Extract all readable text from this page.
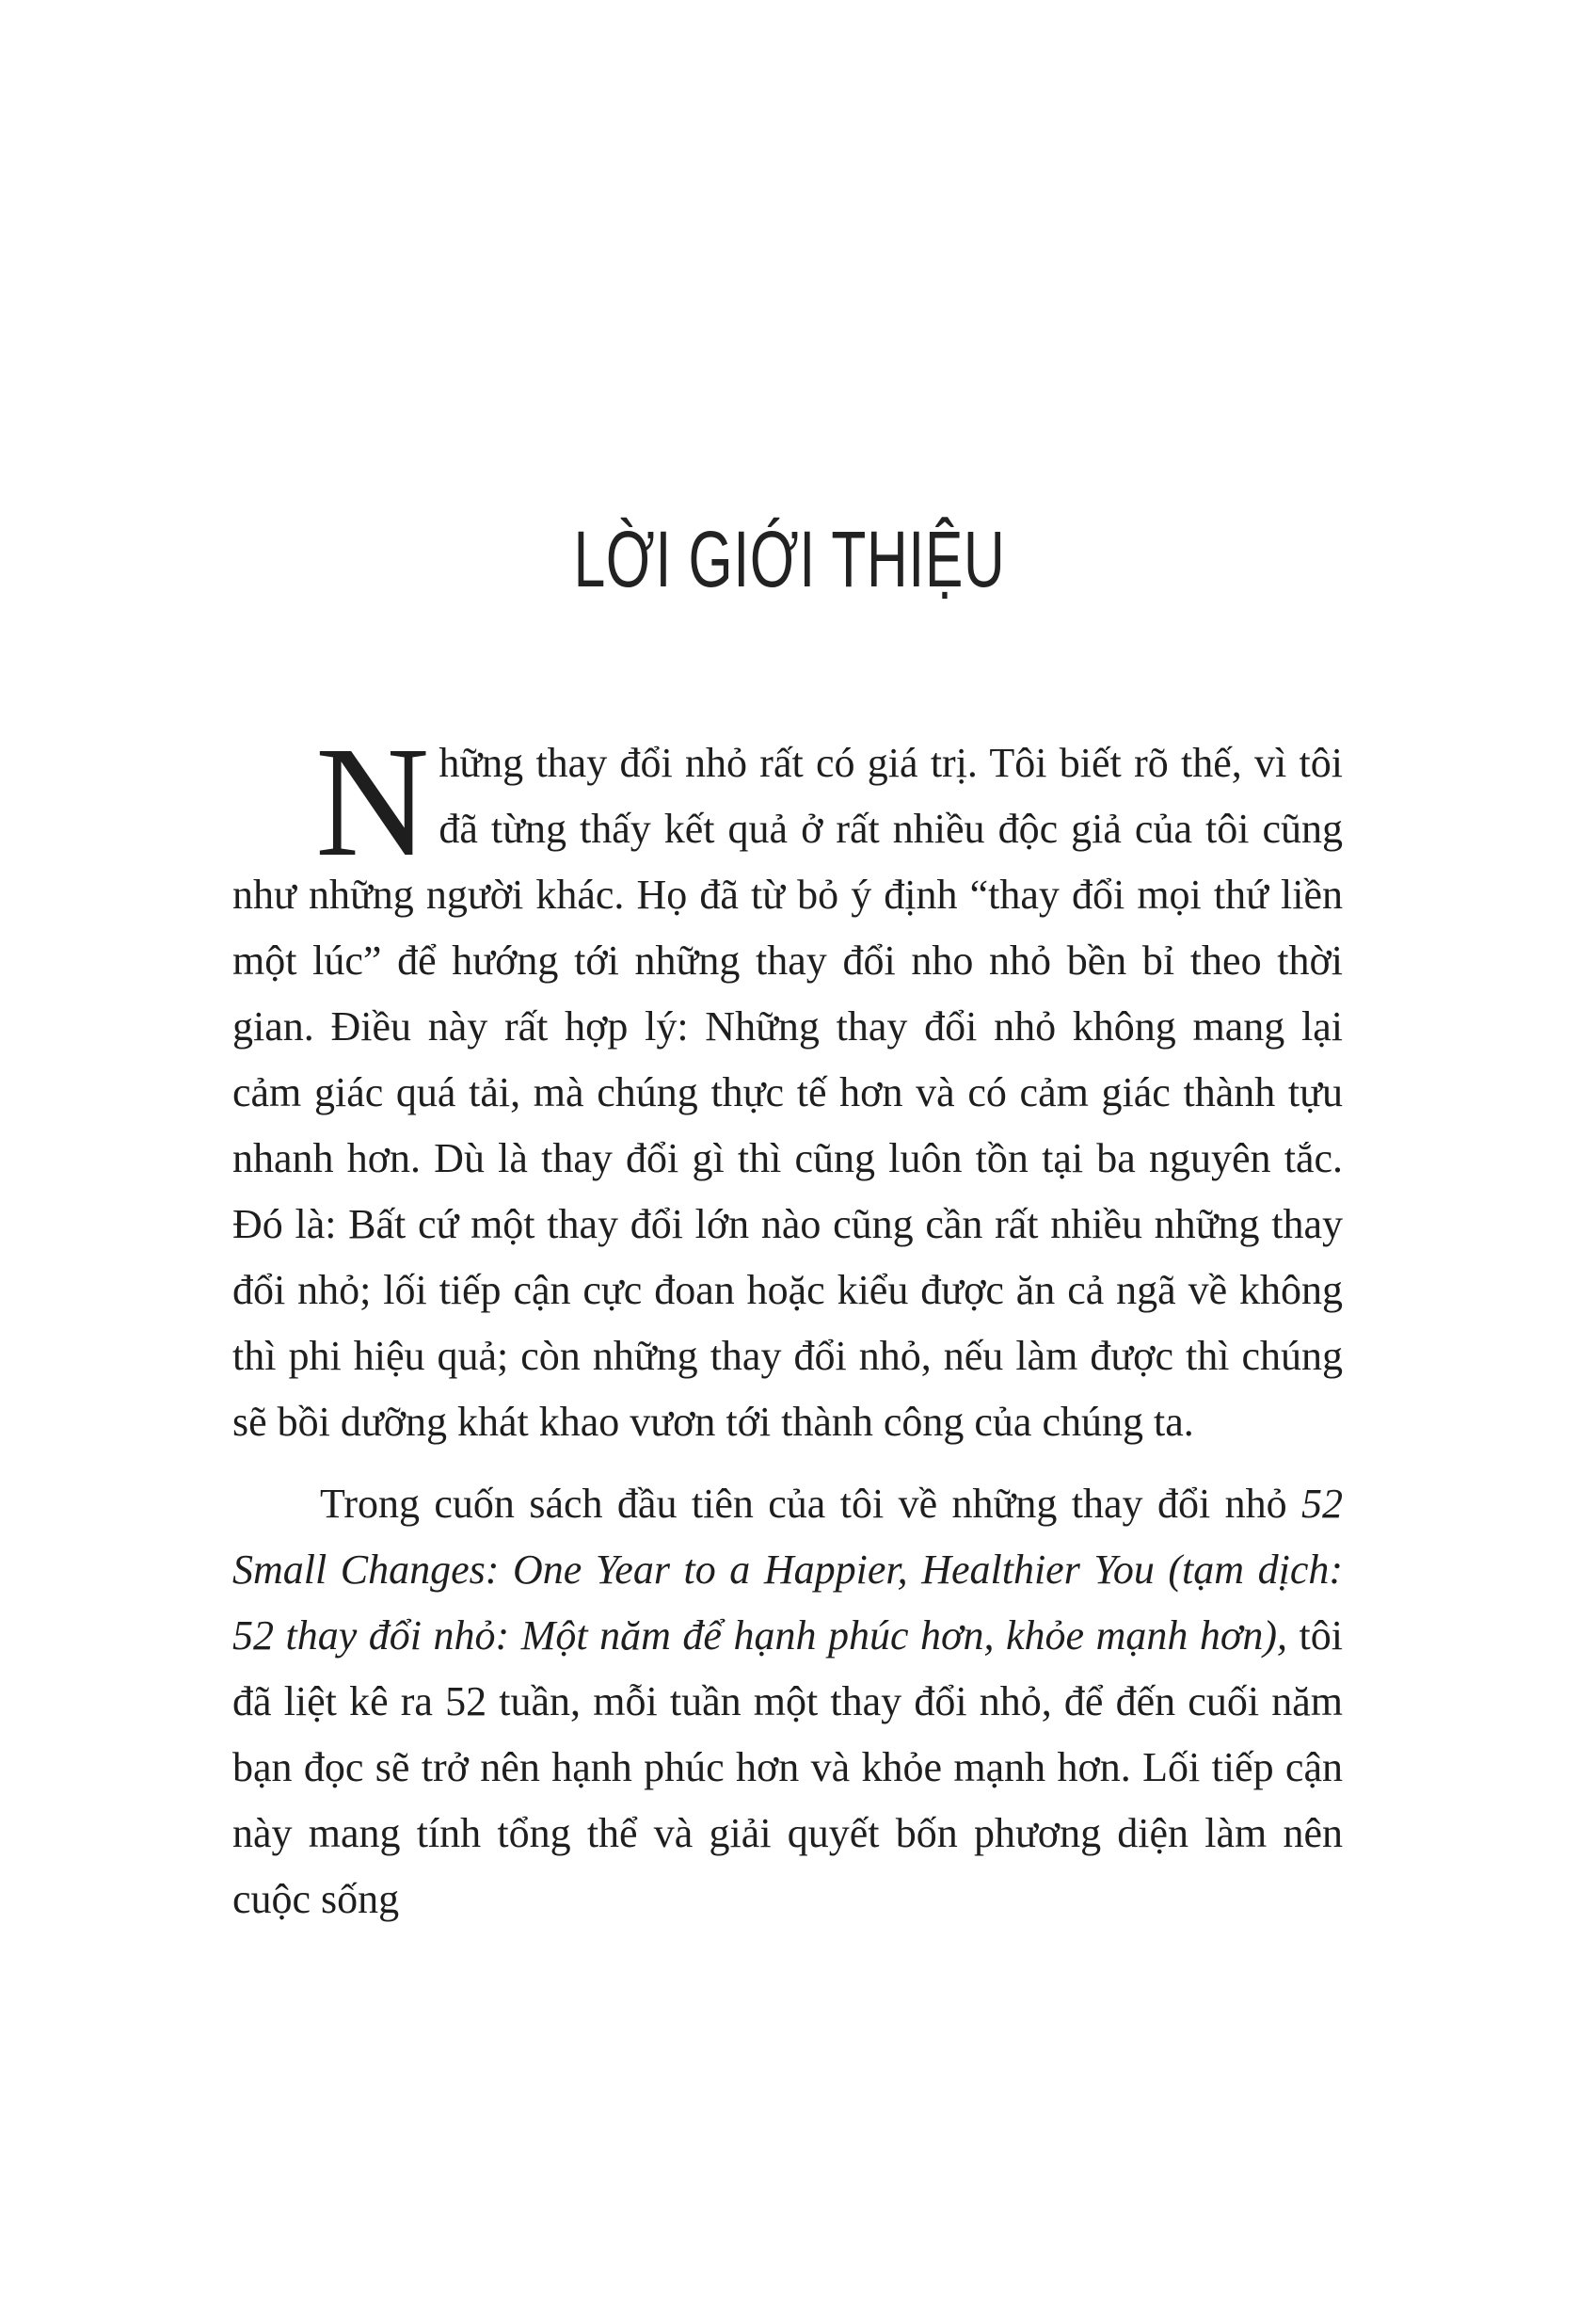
LỜI GIỚI THIỆU

Những thay đổi nhỏ rất có giá trị. Tôi biết rõ thế, vì tôi đã từng thấy kết quả ở rất nhiều độc giả của tôi cũng như những người khác. Họ đã từ bỏ ý định “thay đổi mọi thứ liền một lúc” để hướng tới những thay đổi nho nhỏ bền bỉ theo thời gian. Điều này rất hợp lý: Những thay đổi nhỏ không mang lại cảm giác quá tải, mà chúng thực tế hơn và có cảm giác thành tựu nhanh hơn. Dù là thay đổi gì thì cũng luôn tồn tại ba nguyên tắc. Đó là: Bất cứ một thay đổi lớn nào cũng cần rất nhiều những thay đổi nhỏ; lối tiếp cận cực đoan hoặc kiểu được ăn cả ngã về không thì phi hiệu quả; còn những thay đổi nhỏ, nếu làm được thì chúng sẽ bồi dưỡng khát khao vươn tới thành công của chúng ta.

Trong cuốn sách đầu tiên của tôi về những thay đổi nhỏ 52 Small Changes: One Year to a Happier, Healthier You (tạm dịch: 52 thay đổi nhỏ: Một năm để hạnh phúc hơn, khỏe mạnh hơn), tôi đã liệt kê ra 52 tuần, mỗi tuần một thay đổi nhỏ, để đến cuối năm bạn đọc sẽ trở nên hạnh phúc hơn và khỏe mạnh hơn. Lối tiếp cận này mang tính tổng thể và giải quyết bốn phương diện làm nên cuộc sống
